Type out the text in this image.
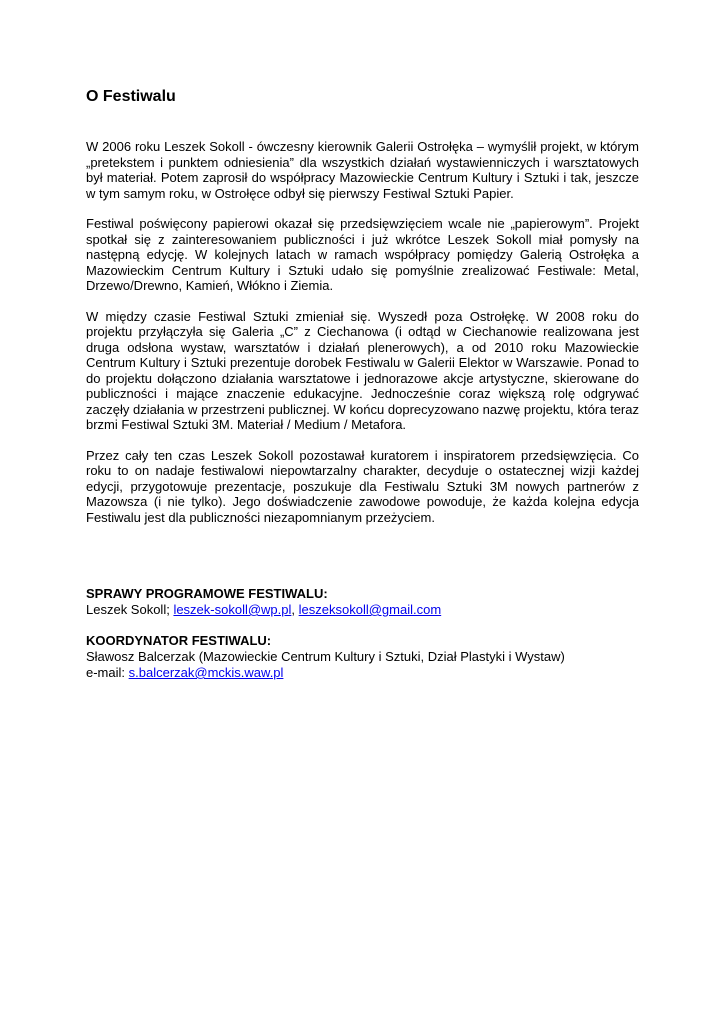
O Festiwalu

W 2006 roku Leszek Sokoll - ówczesny kierownik Galerii Ostrołęka – wymyślił projekt, w którym „pretekstem i punktem odniesienia” dla wszystkich działań wystawienniczych i warsztatowych był materiał. Potem zaprosił do współpracy Mazowieckie Centrum Kultury i Sztuki i tak, jeszcze w tym samym roku, w Ostrołęce odbył się pierwszy Festiwal Sztuki Papier.

Festiwal poświęcony papierowi okazał się przedsięwzięciem wcale nie „papierowym”. Projekt spotkał się z zainteresowaniem publiczności i już wkrótce Leszek Sokoll miał pomysły na następną edycję. W kolejnych latach w ramach współpracy pomiędzy Galerią Ostrołęka a Mazowieckim Centrum Kultury i Sztuki udało się pomyślnie zrealizować Festiwale: Metal, Drzewo/Drewno, Kamień, Włókno i Ziemia.

W między czasie Festiwal Sztuki zmieniał się. Wyszedł poza Ostrołękę. W 2008 roku do projektu przyłączyła się Galeria „C” z Ciechanowa (i odtąd w Ciechanowie realizowana jest druga odsłona wystaw, warsztatów i działań plenerowych), a od 2010 roku Mazowieckie Centrum Kultury i Sztuki prezentuje dorobek Festiwalu w Galerii Elektor w Warszawie. Ponad to do projektu dołączono działania warsztatowe i jednorazowe akcje artystyczne, skierowane do publiczności i mające znaczenie edukacyjne. Jednocześnie coraz większą rolę odgrywać zaczęły działania w przestrzeni publicznej. W końcu doprecyzowano nazwę projektu, która teraz brzmi Festiwal Sztuki 3M. Materiał / Medium / Metafora.

Przez cały ten czas Leszek Sokoll pozostawał kuratorem i inspiratorem przedsięwzięcia. Co roku to on nadaje festiwalowi niepowtarzalny charakter, decyduje o ostatecznej wizji każdej edycji, przygotowuje prezentacje, poszukuje dla Festiwalu Sztuki 3M nowych partnerów z Mazowsza (i nie tylko). Jego doświadczenie zawodowe powoduje, że każda kolejna edycja Festiwalu jest dla publiczności niezapomnianym przeżyciem.

SPRAWY PROGRAMOWE FESTIWALU:
Leszek Sokoll; leszek-sokoll@wp.pl, leszeksokoll@gmail.com
KOORDYNATOR FESTIWALU:
Sławosz Balcerzak (Mazowieckie Centrum Kultury i Sztuki, Dział Plastyki i Wystaw)
e-mail: s.balcerzak@mckis.waw.pl
